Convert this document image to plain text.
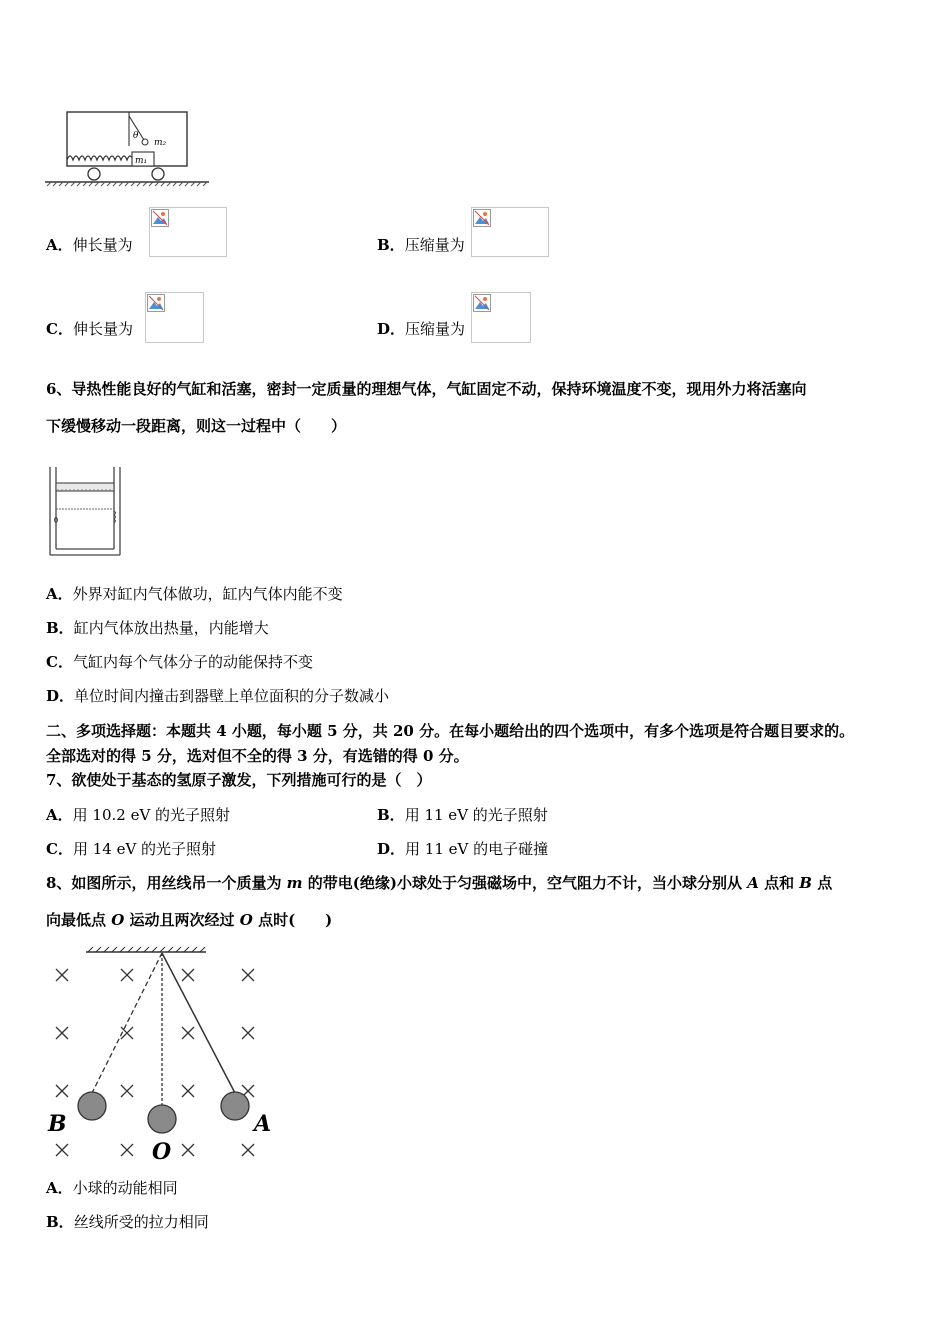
m₂
θ
m₁
A．伸长量为	B．压缩量为
C．伸长量为	D．压缩量为
6、导热性能良好的气缸和活塞，密封一定质量的理想气体，气缸固定不动，保持环境温度不变，现用外力将活塞向
下缓慢移动一段距离，则这一过程中（　　）
A．外界对缸内气体做功，缸内气体内能不变
B．缸内气体放出热量，内能增大
C．气缸内每个气体分子的动能保持不变
D．单位时间内撞击到器壁上单位面积的分子数减小
二、多项选择题：本题共 4 小题，每小题 5 分，共 20 分。在每小题给出的四个选项中，有多个选项是符合题目要求的。
全部选对的得 5 分，选对但不全的得 3 分，有选错的得 0 分。
7、欲使处于基态的氢原子激发，下列措施可行的是（　）
A．用 10.2 eV 的光子照射	B．用 11 eV 的光子照射
C．用 14 eV 的光子照射	D．用 11 eV 的电子碰撞
8、如图所示，用丝线吊一个质量为 m 的带电(绝缘)小球处于匀强磁场中，空气阻力不计，当小球分别从 A 点和 B 点
向最低点 O 运动且两次经过 O 点时(　　)
B
O
A
A．小球的动能相同
B．丝线所受的拉力相同
